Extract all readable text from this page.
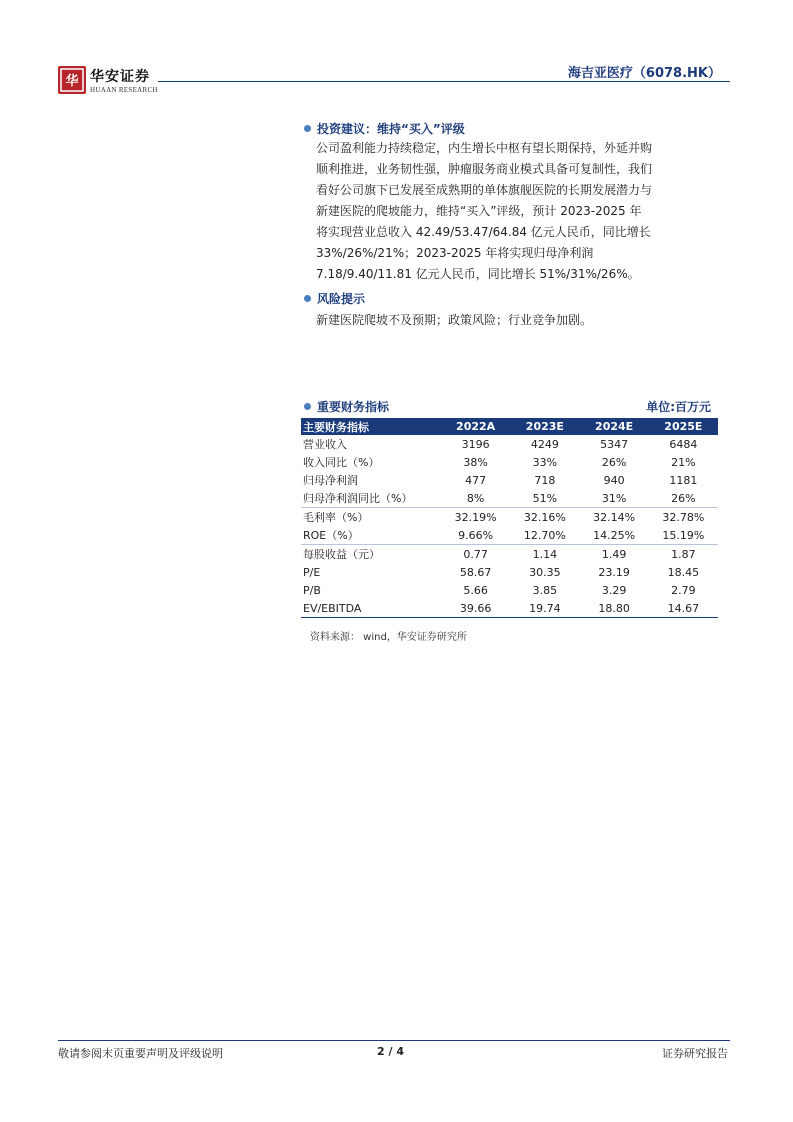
华 华安证券
HUAAN RESEARCH
海吉亚医疗（6078.HK）
投资建议：维持“买入”评级
公司盈利能力持续稳定，内生增长中枢有望长期保持，外延并购
顺利推进，业务韧性强，肿瘤服务商业模式具备可复制性，我们
看好公司旗下已发展至成熟期的单体旗舰医院的长期发展潜力与
新建医院的爬坡能力，维持“买入”评级，预计 2023-2025 年
将实现营业总收入 42.49/53.47/64.84 亿元人民币，同比增长
33%/26%/21%；2023-2025 年将实现归母净利润
7.18/9.40/11.81 亿元人民币，同比增长 51%/31%/26%。
风险提示
新建医院爬坡不及预期；政策风险；行业竞争加剧。
重要财务指标	单位:百万元
主要财务指标	2022A	2023E	2024E	2025E
营业收入	3196	4249	5347	6484
收入同比（%）	38%	33%	26%	21%
归母净利润	477	718	940	1181
归母净利润同比（%）	8%	51%	31%	26%
毛利率（%）	32.19%	32.16%	32.14%	32.78%
ROE（%）	9.66%	12.70%	14.25%	15.19%
每股收益（元）	0.77	1.14	1.49	1.87
P/E	58.67	30.35	23.19	18.45
P/B	5.66	3.85	3.29	2.79
EV/EBITDA	39.66	19.74	18.80	14.67
资料来源： wind，华安证券研究所
敬请参阅末页重要声明及评级说明	2 / 4	证券研究报告
